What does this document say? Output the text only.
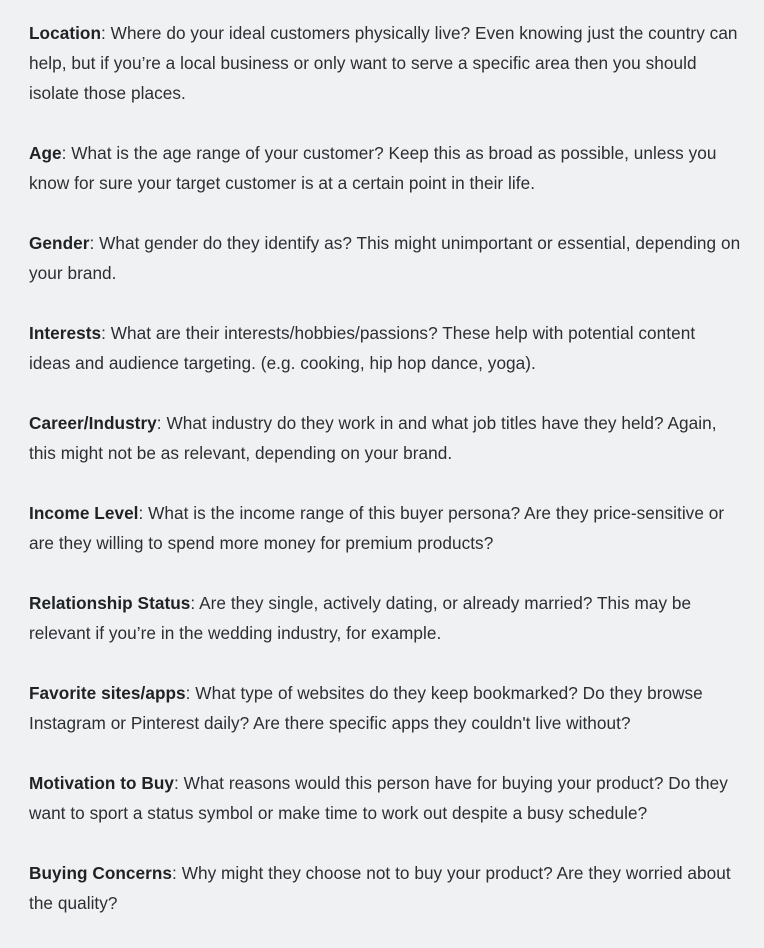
Location: Where do your ideal customers physically live? Even knowing just the country can help, but if you’re a local business or only want to serve a specific area then you should isolate those places.

Age: What is the age range of your customer? Keep this as broad as possible, unless you know for sure your target customer is at a certain point in their life.

Gender: What gender do they identify as? This might unimportant or essential, depending on your brand.

Interests: What are their interests/hobbies/passions? These help with potential content ideas and audience targeting. (e.g. cooking, hip hop dance, yoga).

Career/Industry: What industry do they work in and what job titles have they held? Again, this might not be as relevant, depending on your brand.

Income Level: What is the income range of this buyer persona? Are they price-sensitive or are they willing to spend more money for premium products?

Relationship Status: Are they single, actively dating, or already married? This may be relevant if you’re in the wedding industry, for example.

Favorite sites/apps: What type of websites do they keep bookmarked? Do they browse Instagram or Pinterest daily? Are there specific apps they couldn't live without?

Motivation to Buy: What reasons would this person have for buying your product? Do they want to sport a status symbol or make time to work out despite a busy schedule?

Buying Concerns: Why might they choose not to buy your product? Are they worried about the quality?
